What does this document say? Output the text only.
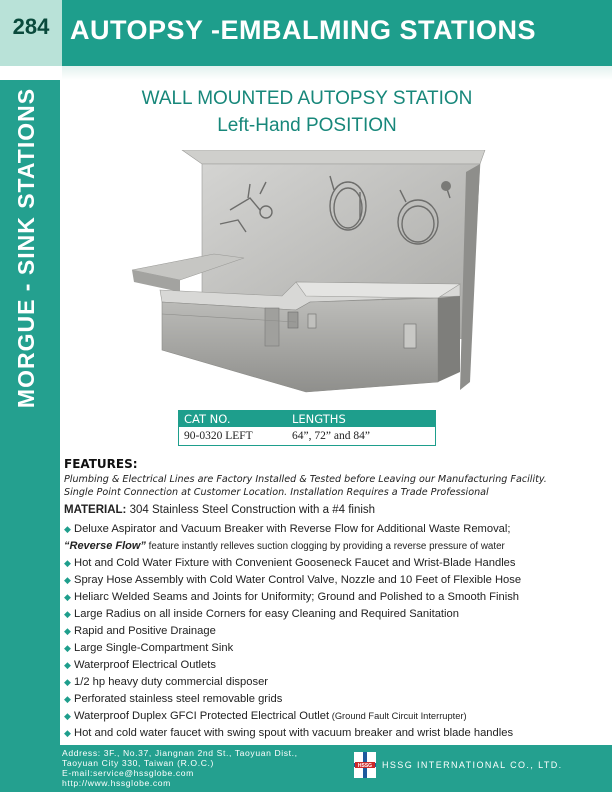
284 AUTOPSY -EMBALMING STATIONS
MORGUE - SINK STATIONS	WALL MOUNTED AUTOPSY STATION
Left-Hand POSITION
CAT NO.	LENGTHS
90-0320 LEFT	64”, 72” and 84”
FEATURES:
Plumbing & Electrical Lines are Factory Installed & Tested before Leaving our Manufacturing Facility.
Single Point Connection at Customer Location. Installation Requires a Trade Professional
MATERIAL: 304 Stainless Steel Construction with a #4 finish
◆ Deluxe Aspirator and Vacuum Breaker with Reverse Flow for Additional Waste Removal;
“Reverse Flow” feature instantly relleves suction clogging by providing a reverse pressure of water
◆ Hot and Cold Water Fixture with Convenient Gooseneck Faucet and Wrist-Blade Handles
◆ Spray Hose Assembly with Cold Water Control Valve, Nozzle and 10 Feet of Flexible Hose
◆ Heliarc Welded Seams and Joints for Uniformity; Ground and Polished to a Smooth Finish
◆ Large Radius on all inside Corners for easy Cleaning and Required Sanitation
◆ Rapid and Positive Drainage
◆ Large Single-Compartment Sink
◆ Waterproof Electrical Outlets
◆ 1/2 hp heavy duty commercial disposer
◆ Perforated stainless steel removable grids
◆ Waterproof Duplex GFCI Protected Electrical Outlet (Ground Fault Circuit Interrupter)
◆ Hot and cold water faucet with swing spout with vacuum breaker and wrist blade handles
Address: 3F., No.37, Jiangnan 2nd St., Taoyuan Dist.,
Taoyuan City 330, Taiwan (R.O.C.)
E-mail:service@hssglobe.com
http://www.hssglobe.com
HSSG HSSG INTERNATIONAL CO., LTD.
